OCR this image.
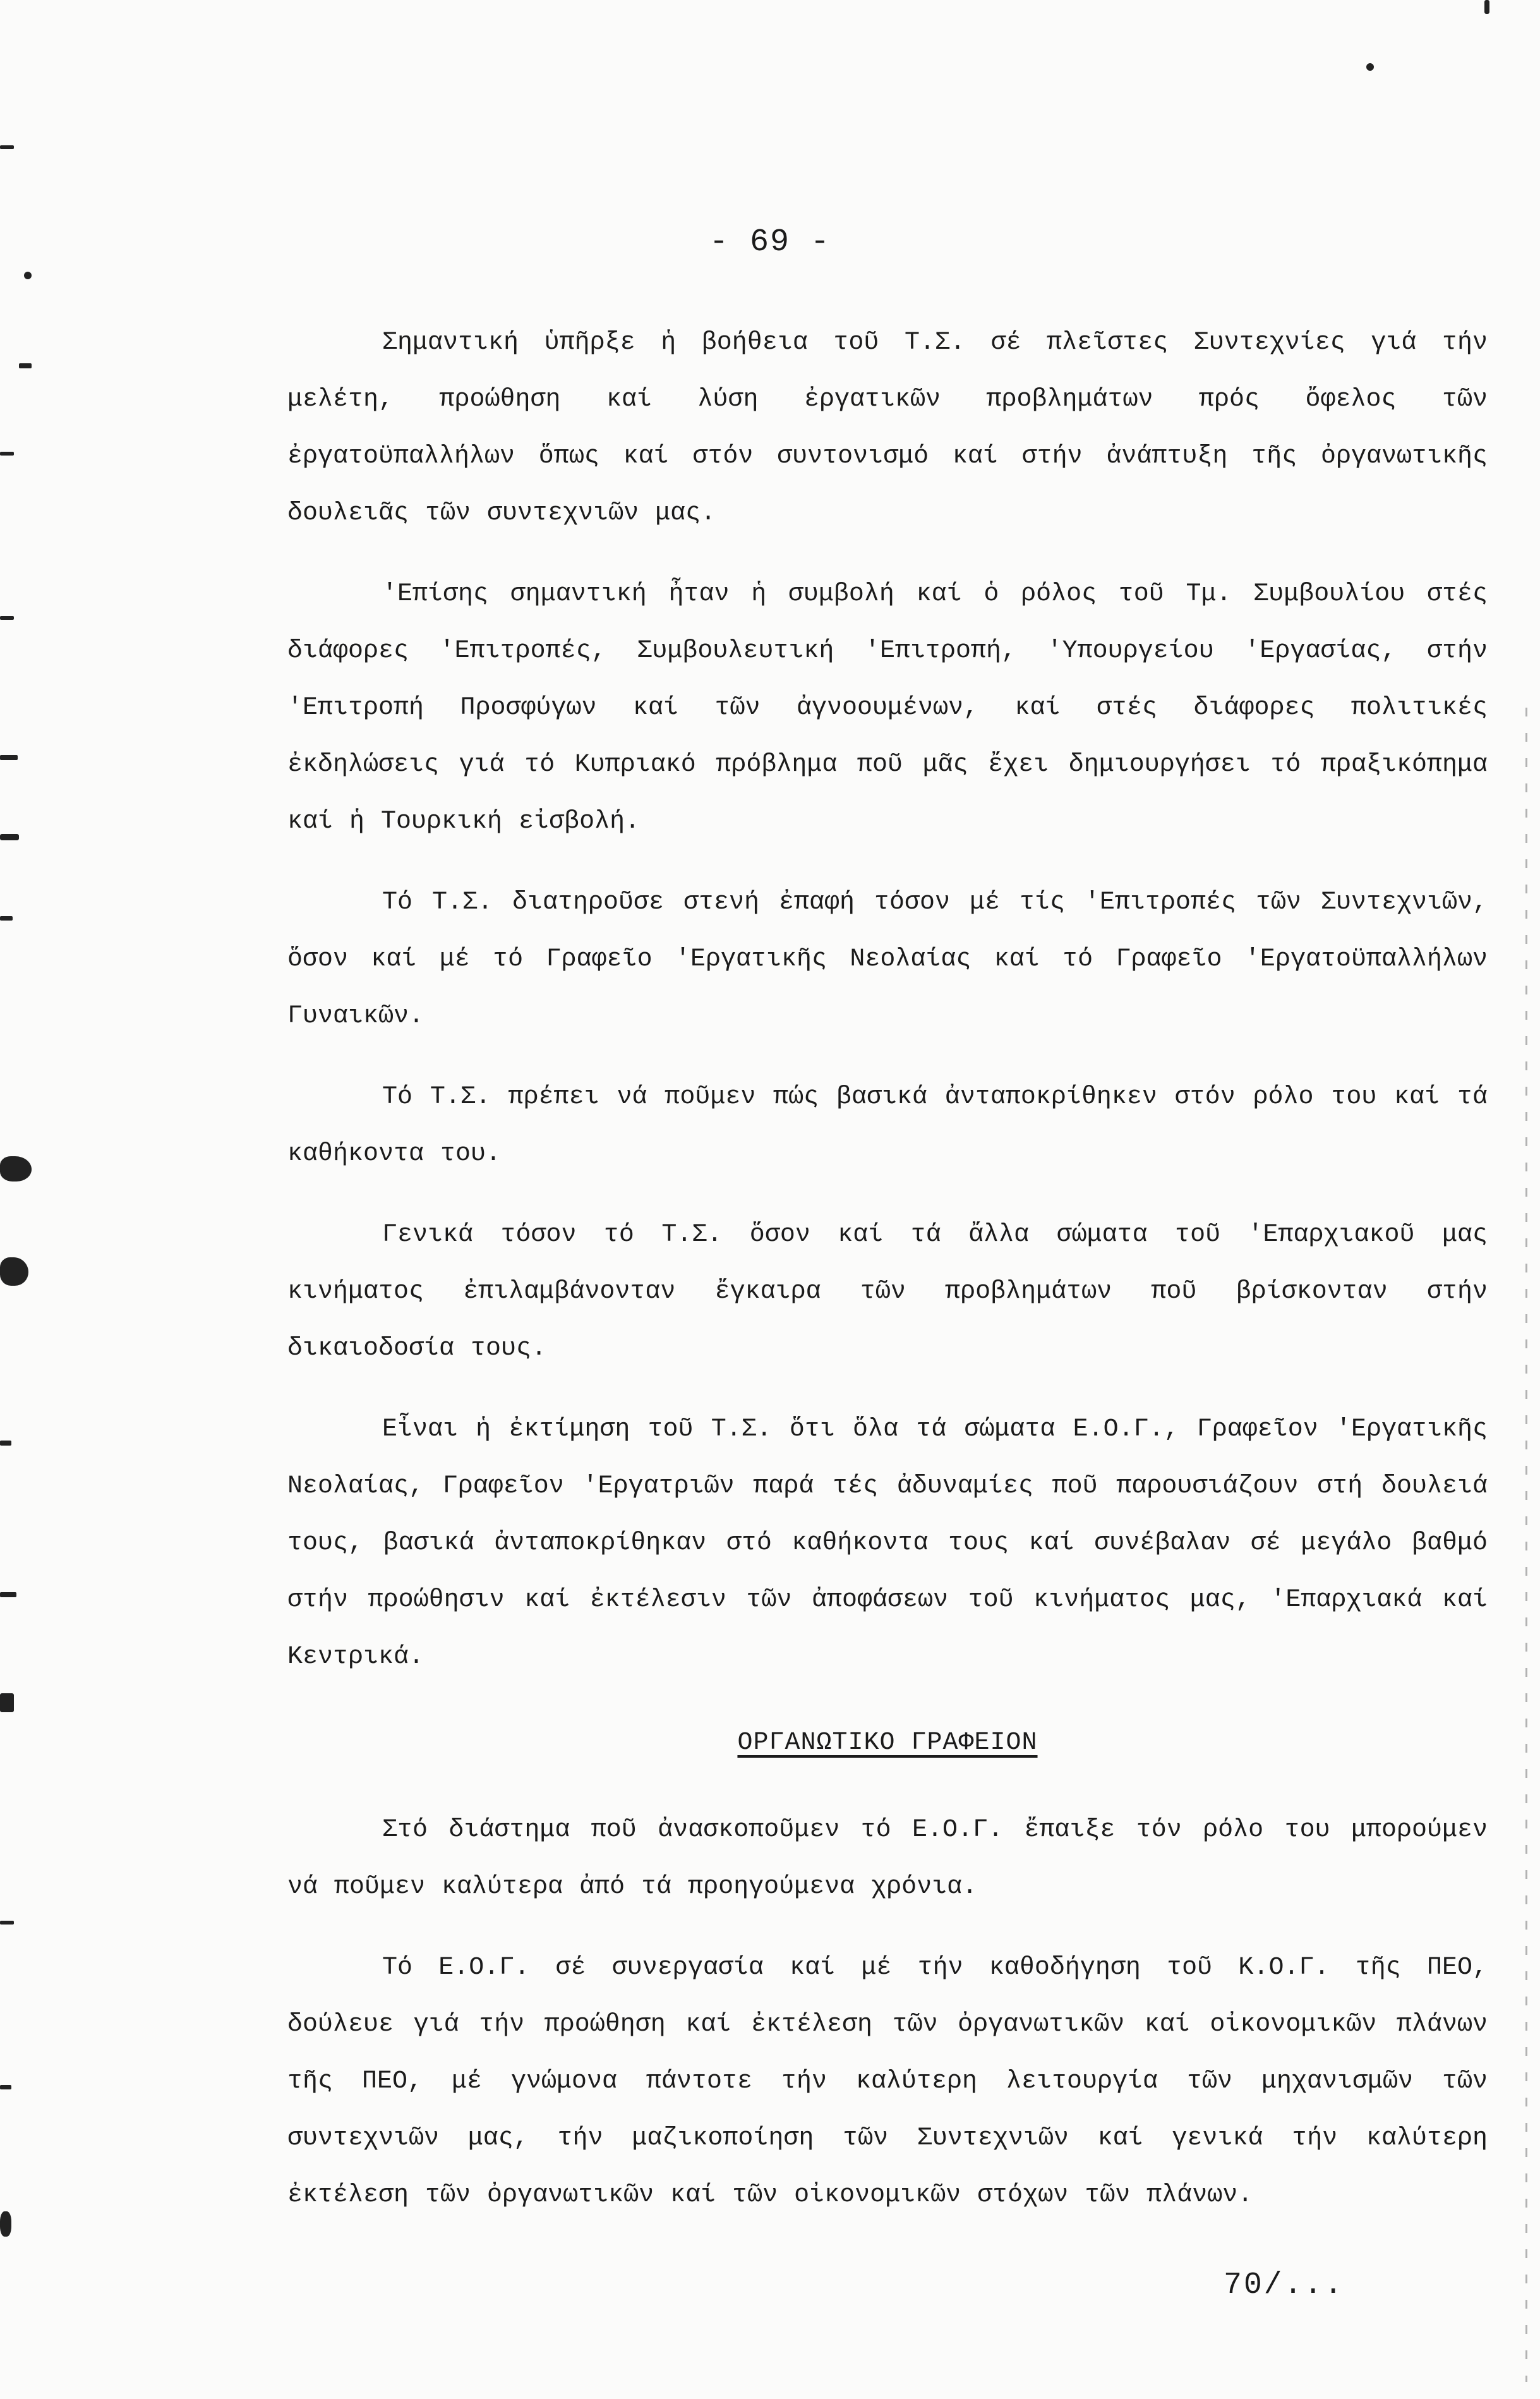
- 69 -

Σημαντική ὑπῆρξε ἡ βοήθεια τοῦ Τ.Σ. σέ πλεῖστες Συντεχνίες γιά τήν μελέτη, προώθηση καί λύση ἐργατικῶν προβλημάτων πρός ὄφελος τῶν ἐργατοϋπαλλήλων ὅπως καί στόν συντονισμό καί στήν ἀνάπτυξη τῆς ὀργανωτικῆς δουλειᾶς τῶν συντεχνιῶν μας.

'Επίσης σημαντική ἦταν ἡ συμβολή καί ὁ ρόλος τοῦ Τμ. Συμβουλίου στές διάφορες 'Επιτροπές, Συμβουλευτική 'Επιτροπή, 'Υπουργείου 'Εργασίας, στήν 'Επιτροπή Προσφύγων καί τῶν ἀγνοουμένων, καί στές διάφορες πολιτικές ἐκδηλώσεις γιά τό Κυπριακό πρόβλημα ποῦ μᾶς ἔχει δημιουργήσει τό πραξικόπημα καί ἡ Τουρκική εἰσβολή.

Τό Τ.Σ. διατηροῦσε στενή ἐπαφή τόσον μέ τίς 'Επιτροπές τῶν Συντεχνιῶν, ὅσον καί μέ τό Γραφεῖο 'Εργατικῆς Νεολαίας καί τό Γραφεῖο 'Εργατοϋπαλλήλων Γυναικῶν.

Τό Τ.Σ. πρέπει νά ποῦμεν πώς βασικά ἀνταποκρίθηκεν στόν ρόλο του καί τά καθήκοντα του.

Γενικά τόσον τό Τ.Σ. ὅσον καί τά ἄλλα σώματα τοῦ 'Επαρχιακοῦ μας κινήματος ἐπιλαμβάνονταν ἔγκαιρα τῶν προβλημάτων ποῦ βρίσκονταν στήν δικαιοδοσία τους.

Εἶναι ἡ ἐκτίμηση τοῦ Τ.Σ. ὅτι ὅλα τά σώματα Ε.Ο.Γ., Γραφεῖον 'Εργατικῆς Νεολαίας, Γραφεῖον 'Εργατριῶν παρά τές ἀδυναμίες ποῦ παρουσιάζουν στή δουλειά τους, βασικά ἀνταποκρίθηκαν στό καθήκοντα τους καί συνέβαλαν σέ μεγάλο βαθμό στήν προώθησιν καί ἐκτέλεσιν τῶν ἀποφάσεων τοῦ κινήματος μας, 'Επαρχιακά καί Κεντρικά.

ΟΡΓΑΝΩΤΙΚΟ ΓΡΑΦΕΙΟΝ

Στό διάστημα ποῦ ἀνασκοποῦμεν τό Ε.Ο.Γ. ἔπαιξε τόν ρόλο του μπορούμεν νά ποῦμεν καλύτερα ἀπό τά προηγούμενα χρόνια.

Τό Ε.Ο.Γ. σέ συνεργασία καί μέ τήν καθοδήγηση τοῦ Κ.Ο.Γ. τῆς ΠΕΟ, δούλευε γιά τήν προώθηση καί ἐκτέλεση τῶν ὀργανωτικῶν καί οἰκονομικῶν πλάνων τῆς ΠΕΟ, μέ γνώμονα πάντοτε τήν καλύτερη λειτουργία τῶν μηχανισμῶν τῶν συντεχνιῶν μας, τήν μαζικοποίηση τῶν Συντεχνιῶν καί γενικά τήν καλύτερη ἐκτέλεση τῶν ὀργανωτικῶν καί τῶν οἰκονομικῶν στόχων τῶν πλάνων.

70/...
